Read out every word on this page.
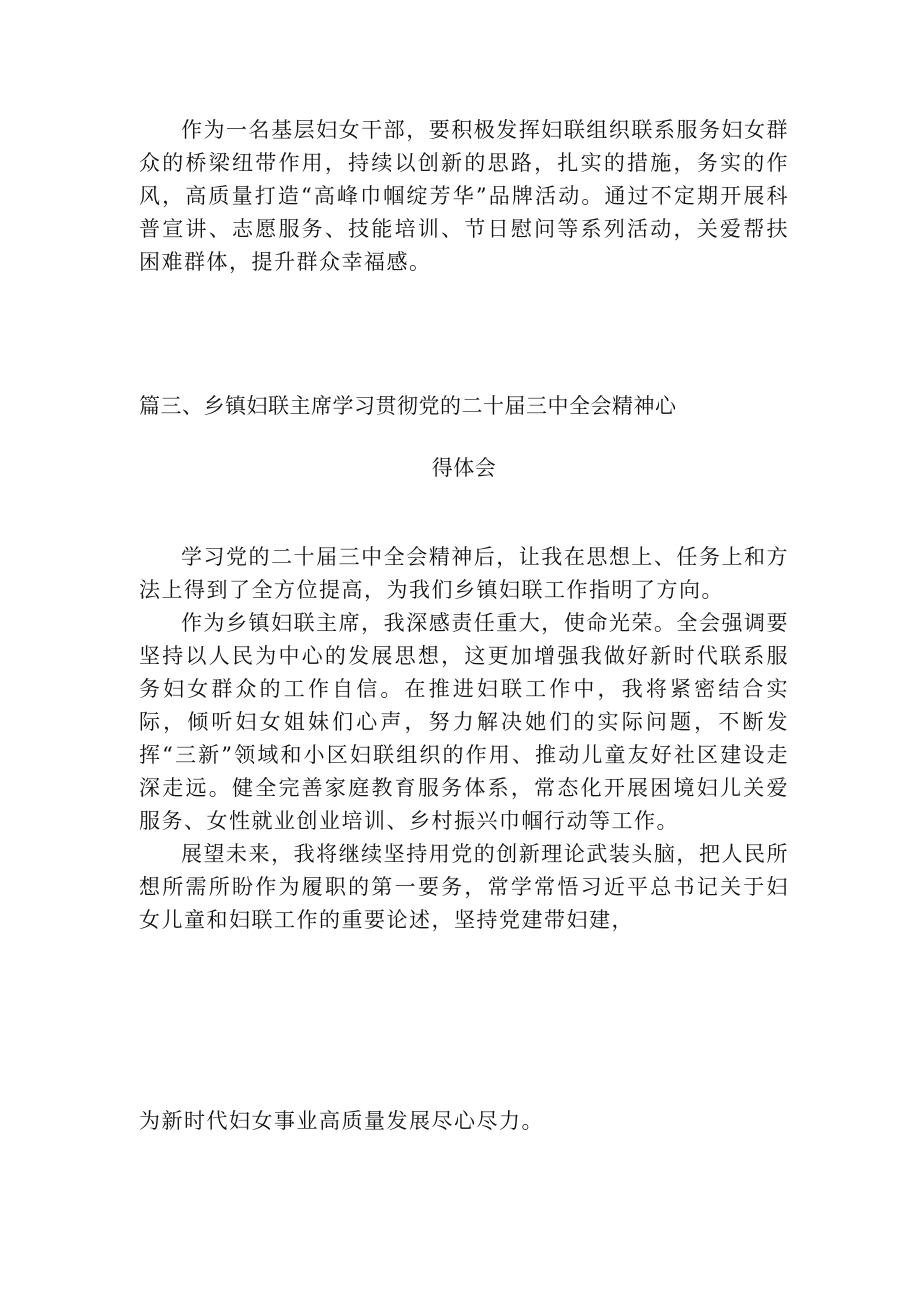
作为一名基层妇女干部，要积极发挥妇联组织联系服务妇女群众的桥梁纽带作用，持续以创新的思路，扎实的措施，务实的作风，高质量打造“高峰巾帼绽芳华”品牌活动。通过不定期开展科普宣讲、志愿服务、技能培训、节日慰问等系列活动，关爱帮扶困难群体，提升群众幸福感。

篇三、乡镇妇联主席学习贯彻党的二十届三中全会精神心
得体会

学习党的二十届三中全会精神后，让我在思想上、任务上和方法上得到了全方位提高，为我们乡镇妇联工作指明了方向。

作为乡镇妇联主席，我深感责任重大，使命光荣。全会强调要坚持以人民为中心的发展思想，这更加增强我做好新时代联系服务妇女群众的工作自信。在推进妇联工作中，我将紧密结合实际，倾听妇女姐妹们心声，努力解决她们的实际问题，不断发挥“三新”领域和小区妇联组织的作用、推动儿童友好社区建设走深走远。健全完善家庭教育服务体系，常态化开展困境妇儿关爱服务、女性就业创业培训、乡村振兴巾帼行动等工作。

展望未来，我将继续坚持用党的创新理论武装头脑，把人民所想所需所盼作为履职的第一要务，常学常悟习近平总书记关于妇女儿童和妇联工作的重要论述，坚持党建带妇建，

为新时代妇女事业高质量发展尽心尽力。
